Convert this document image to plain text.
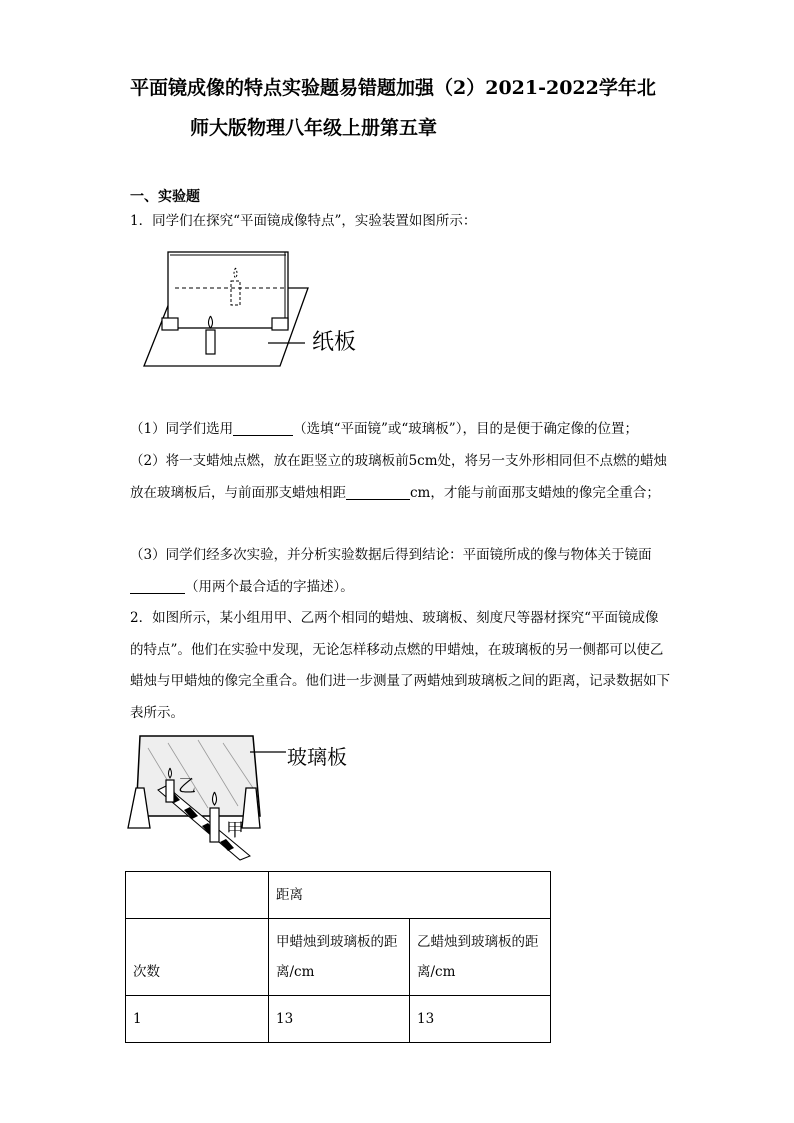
平面镜成像的特点实验题易错题加强（2）2021-2022学年北
师大版物理八年级上册第五章
一、实验题
1．同学们在探究“平面镜成像特点”，实验装置如图所示：
纸板
（1）同学们选用	（选填“平面镜”或“玻璃板”），目的是便于确定像的位置；
（2）将一支蜡烛点燃，放在距竖立的玻璃板前5cm处，将另一支外形相同但不点燃的蜡烛放在玻璃板后，与前面那支蜡烛相距	cm，才能与前面那支蜡烛的像完全重合；
（3）同学们经多次实验，并分析实验数据后得到结论：平面镜所成的像与物体关于镜面（用两个最合适的字描述）。
2．如图所示，某小组用甲、乙两个相同的蜡烛、玻璃板、刻度尺等器材探究“平面镜成像的特点”。他们在实验中发现，无论怎样移动点燃的甲蜡烛，在玻璃板的另一侧都可以使乙蜡烛与甲蜡烛的像完全重合。他们进一步测量了两蜡烛到玻璃板之间的距离，记录数据如下表所示。
玻璃板
乙
甲
	距离	
次数	甲蜡烛到玻璃板的距离/cm	乙蜡烛到玻璃板的距离/cm
1	13	13
